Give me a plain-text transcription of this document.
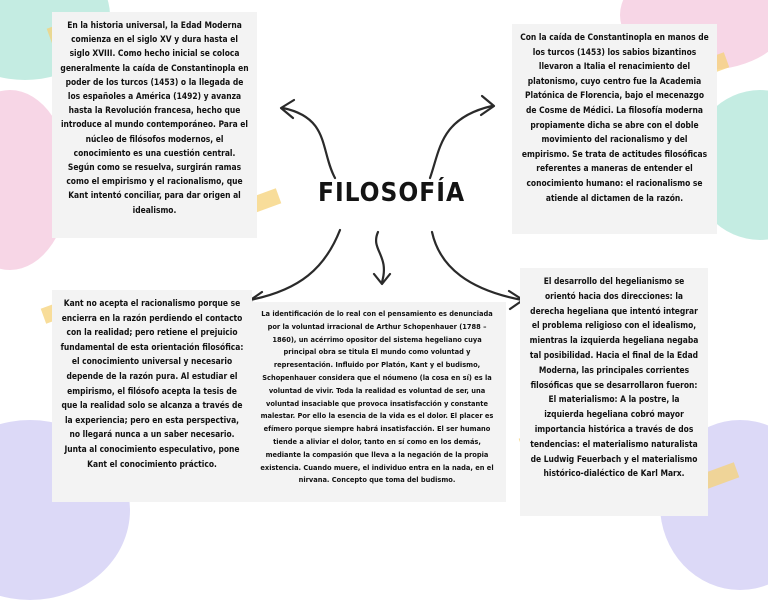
FILOSOFÍA
En la historia universal, la Edad Moderna comienza en el siglo XV y dura hasta el siglo XVIII. Como hecho inicial se coloca generalmente la caída de Constantinopla en poder de los turcos (1453) o la llegada de los españoles a América (1492) y avanza hasta la Revolución francesa, hecho que introduce al mundo contemporáneo. Para el núcleo de filósofos modernos, el conocimiento es una cuestión central. Según como se resuelva, surgirán ramas como el empirismo y el racionalismo, que Kant intentó conciliar, para dar origen al idealismo.
Con la caída de Constantinopla en manos de los turcos (1453) los sabios bizantinos llevaron a Italia el renacimiento del platonismo, cuyo centro fue la Academia Platónica de Florencia, bajo el mecenazgo de Cosme de Médici. La filosofía moderna propiamente dicha se abre con el doble movimiento del racionalismo y del empirismo. Se trata de actitudes filosóficas referentes a maneras de entender el conocimiento humano: el racionalismo se atiende al dictamen de la razón.
Kant no acepta el racionalismo porque se encierra en la razón perdiendo el contacto con la realidad; pero retiene el prejuicio fundamental de esta orientación filosófica: el conocimiento universal y necesario depende de la razón pura. Al estudiar el empirismo, el filósofo acepta la tesis de que la realidad solo se alcanza a través de la experiencia; pero en esta perspectiva, no llegará nunca a un saber necesario. Junta al conocimiento especulativo, pone Kant el conocimiento práctico.
La identificación de lo real con el pensamiento es denunciada por la voluntad irracional de Arthur Schopenhauer (1788 – 1860), un acérrimo opositor del sistema hegeliano cuya principal obra se titula El mundo como voluntad y representación. Influido por Platón, Kant y el budismo, Schopenhauer considera que el nóumeno (la cosa en sí) es la voluntad de vivir. Toda la realidad es voluntad de ser, una voluntad insaciable que provoca insatisfacción y constante malestar. Por ello la esencia de la vida es el dolor. El placer es efímero porque siempre habrá insatisfacción. El ser humano tiende a aliviar el dolor, tanto en sí como en los demás, mediante la compasión que lleva a la negación de la propia existencia. Cuando muere, el individuo entra en la nada, en el nirvana. Concepto que toma del budismo.
El desarrollo del hegelianismo se orientó hacia dos direcciones: la derecha hegeliana que intentó integrar el problema religioso con el idealismo, mientras la izquierda hegeliana negaba tal posibilidad. Hacia el final de la Edad Moderna, las principales corrientes filosóficas que se desarrollaron fueron: El materialismo: A la postre, la izquierda hegeliana cobró mayor importancia histórica a través de dos tendencias: el materialismo naturalista de Ludwig Feuerbach y el materialismo histórico-dialéctico de Karl Marx.
